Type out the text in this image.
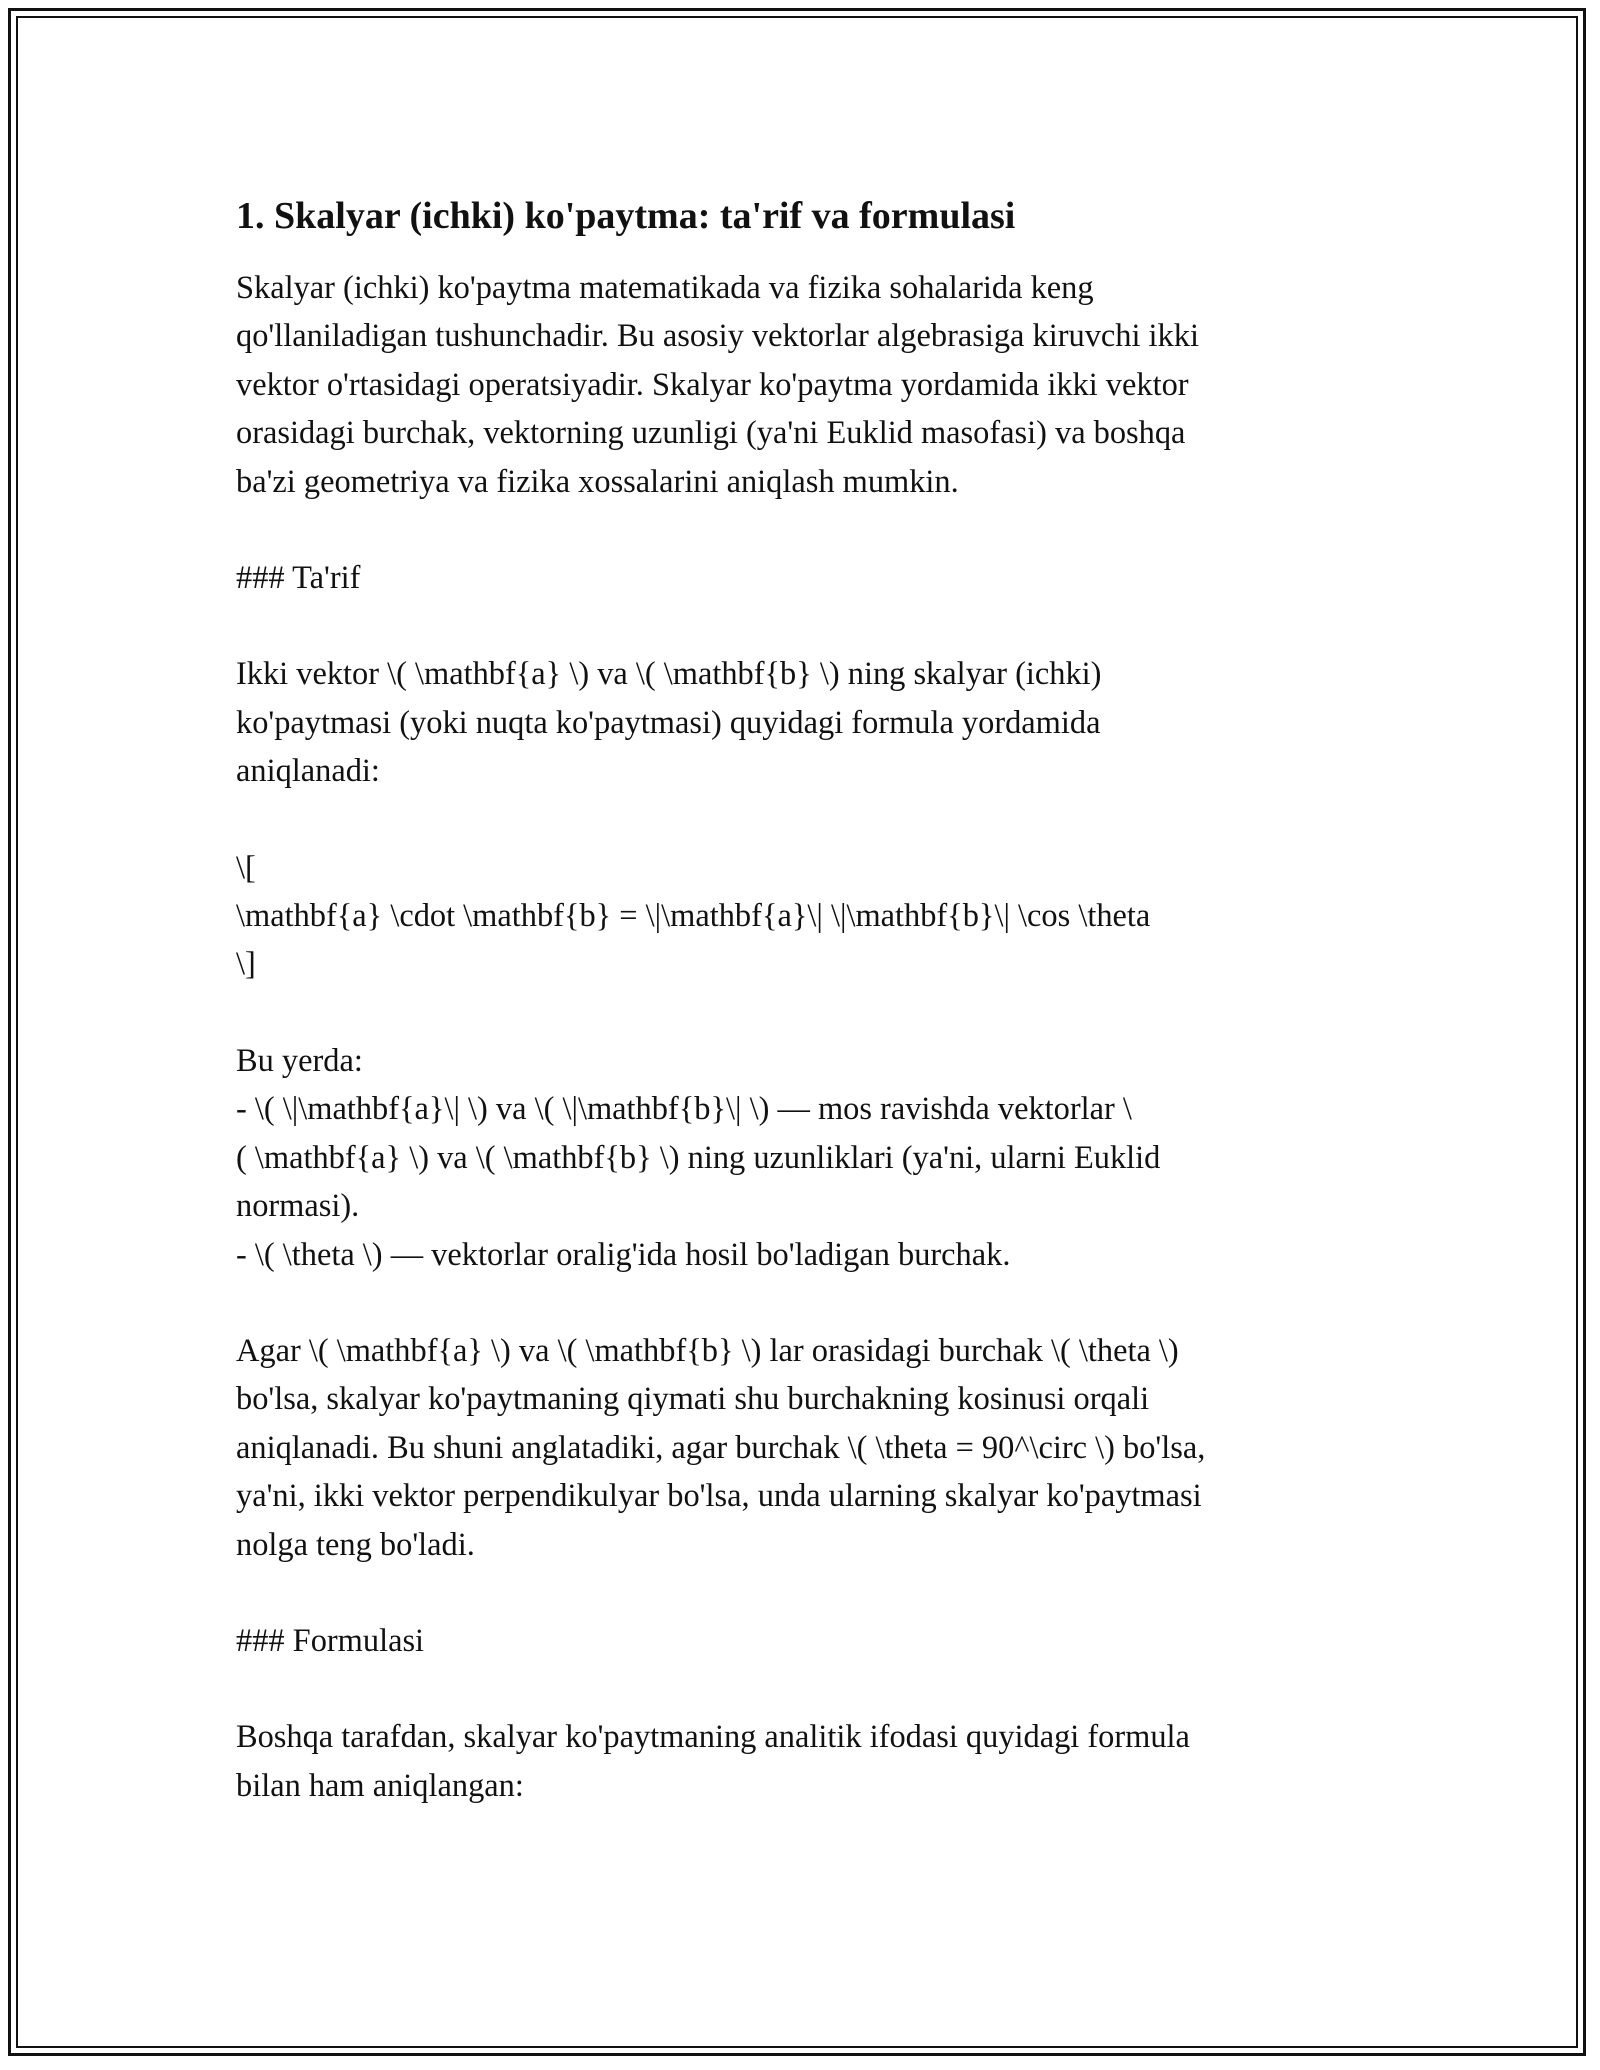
1. Skalyar (ichki) ko'paytma: ta'rif va formulasi

Skalyar (ichki) ko'paytma matematikada va fizika sohalarida keng
qo'llaniladigan tushunchadir. Bu asosiy vektorlar algebrasiga kiruvchi ikki
vektor o'rtasidagi operatsiyadir. Skalyar ko'paytma yordamida ikki vektor
orasidagi burchak, vektorning uzunligi (ya'ni Euklid masofasi) va boshqa
ba'zi geometriya va fizika xossalarini aniqlash mumkin.

### Ta'rif

Ikki vektor \( \mathbf{a} \) va \( \mathbf{b} \) ning skalyar (ichki)
ko'paytmasi (yoki nuqta ko'paytmasi) quyidagi formula yordamida
aniqlanadi:

\[
\mathbf{a} \cdot \mathbf{b} = \|\mathbf{a}\| \|\mathbf{b}\| \cos \theta
\]

Bu yerda:
- \( \|\mathbf{a}\| \) va \( \|\mathbf{b}\| \) — mos ravishda vektorlar \
( \mathbf{a} \) va \( \mathbf{b} \) ning uzunliklari (ya'ni, ularni Euklid
normasi).
- \( \theta \) — vektorlar oralig'ida hosil bo'ladigan burchak.

Agar \( \mathbf{a} \) va \( \mathbf{b} \) lar orasidagi burchak \( \theta \)
bo'lsa, skalyar ko'paytmaning qiymati shu burchakning kosinusi orqali
aniqlanadi. Bu shuni anglatadiki, agar burchak \( \theta = 90^\circ \) bo'lsa,
ya'ni, ikki vektor perpendikulyar bo'lsa, unda ularning skalyar ko'paytmasi
nolga teng bo'ladi.

### Formulasi

Boshqa tarafdan, skalyar ko'paytmaning analitik ifodasi quyidagi formula
bilan ham aniqlangan:
